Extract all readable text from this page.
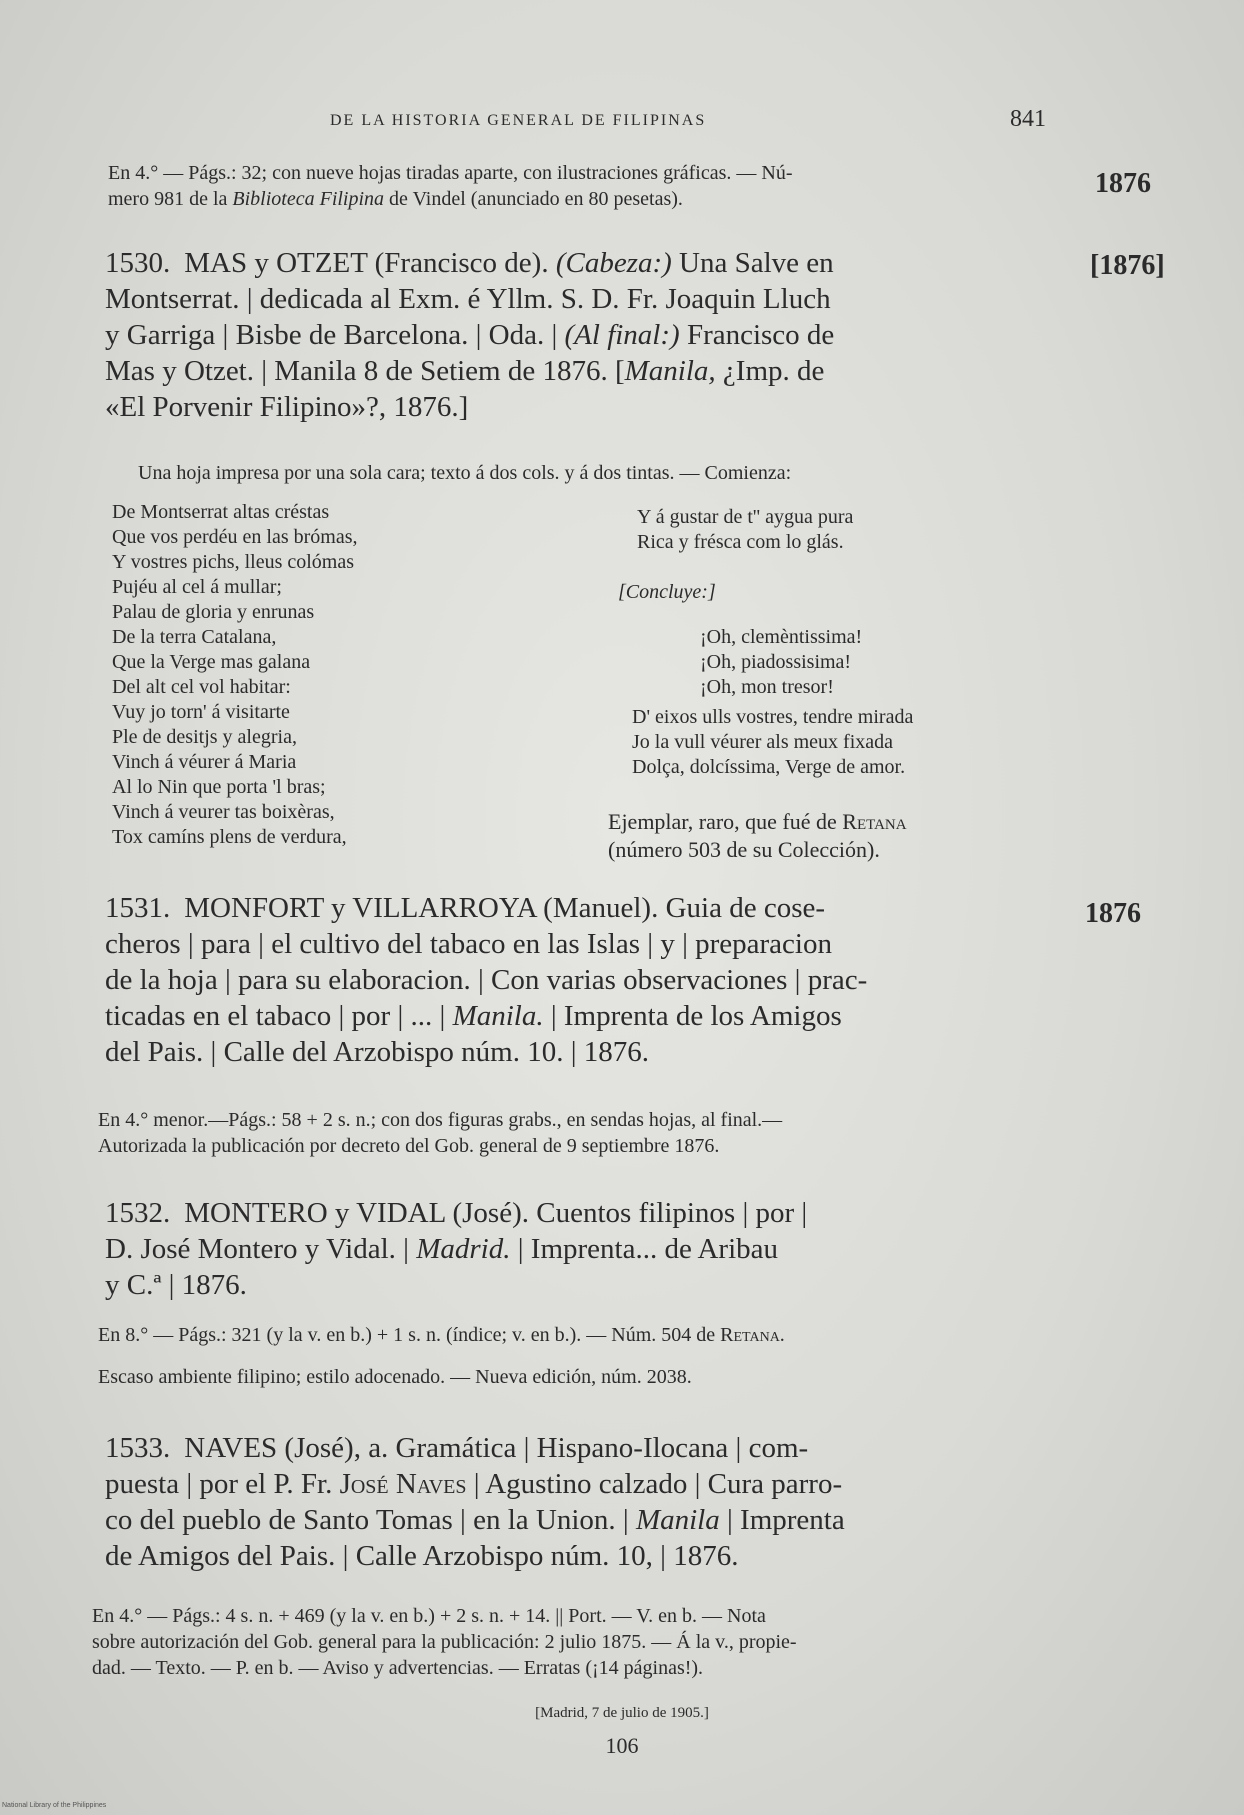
DE LA HISTORIA GENERAL DE FILIPINAS	841
En 4.° — Págs.: 32; con nueve hojas tiradas aparte, con ilustraciones gráficas. — Nú-
mero 981 de la Biblioteca Filipina de Vindel (anunciado en 80 pesetas).	1876
1530. MAS y OTZET (Francisco de). (Cabeza:) Una Salve en
Montserrat. | dedicada al Exm. é Yllm. S. D. Fr. Joaquin Lluch
y Garriga | Bisbe de Barcelona. | Oda. | (Al final:) Francisco de
Mas y Otzet. | Manila 8 de Setiem de 1876. [Manila, ¿Imp. de
«El Porvenir Filipino»?, 1876.]
[1876]
Una hoja impresa por una sola cara; texto á dos cols. y á dos tintas. — Comienza:
De Montserrat altas créstas
Que vos perdéu en las brómas,
Y vostres pichs, lleus colómas
Pujéu al cel á mullar;
Palau de gloria y enrunas
De la terra Catalana,
Que la Verge mas galana
Del alt cel vol habitar:
Vuy jo torn' á visitarte
Ple de desitjs y alegria,
Vinch á véurer á Maria
Al lo Nin que porta 'l bras;
Vinch á veurer tas boixèras,
Tox camíns plens de verdura,
Y á gustar de t'' aygua pura
Rica y frésca com lo glás.
[Concluye:]
¡Oh, clemèntissima!
¡Oh, piadossisima!
¡Oh, mon tresor!
D' eixos ulls vostres, tendre mirada
Jo la vull véurer als meux fixada
Dolça, dolcíssima, Verge de amor.
Ejemplar, raro, que fué de Retana
(número 503 de su Colección).
1531. MONFORT y VILLARROYA (Manuel). Guia de cose-
cheros | para | el cultivo del tabaco en las Islas | y | preparacion
de la hoja | para su elaboracion. | Con varias observaciones | prac-
ticadas en el tabaco | por | ... | Manila. | Imprenta de los Amigos
del Pais. | Calle del Arzobispo núm. 10. | 1876.
1876
En 4.° menor.—Págs.: 58 + 2 s. n.; con dos figuras grabs., en sendas hojas, al final.—
Autorizada la publicación por decreto del Gob. general de 9 septiembre 1876.
1532. MONTERO y VIDAL (José). Cuentos filipinos | por |
D. José Montero y Vidal. | Madrid. | Imprenta... de Aribau
y C.ª | 1876.
En 8.° — Págs.: 321 (y la v. en b.) + 1 s. n. (índice; v. en b.). — Núm. 504 de Retana.
Escaso ambiente filipino; estilo adocenado. — Nueva edición, núm. 2038.
1533. NAVES (José), a. Gramática | Hispano-Ilocana | com-
puesta | por el P. Fr. José Naves | Agustino calzado | Cura parro-
co del pueblo de Santo Tomas | en la Union. | Manila | Imprenta
de Amigos del Pais. | Calle Arzobispo núm. 10, | 1876.
En 4.° — Págs.: 4 s. n. + 469 (y la v. en b.) + 2 s. n. + 14. || Port. — V. en b. — Nota
sobre autorización del Gob. general para la publicación: 2 julio 1875. — Á la v., propie-
dad. — Texto. — P. en b. — Aviso y advertencias. — Erratas (¡14 páginas!).
[Madrid, 7 de julio de 1905.]
106
National Library of the Philippines
